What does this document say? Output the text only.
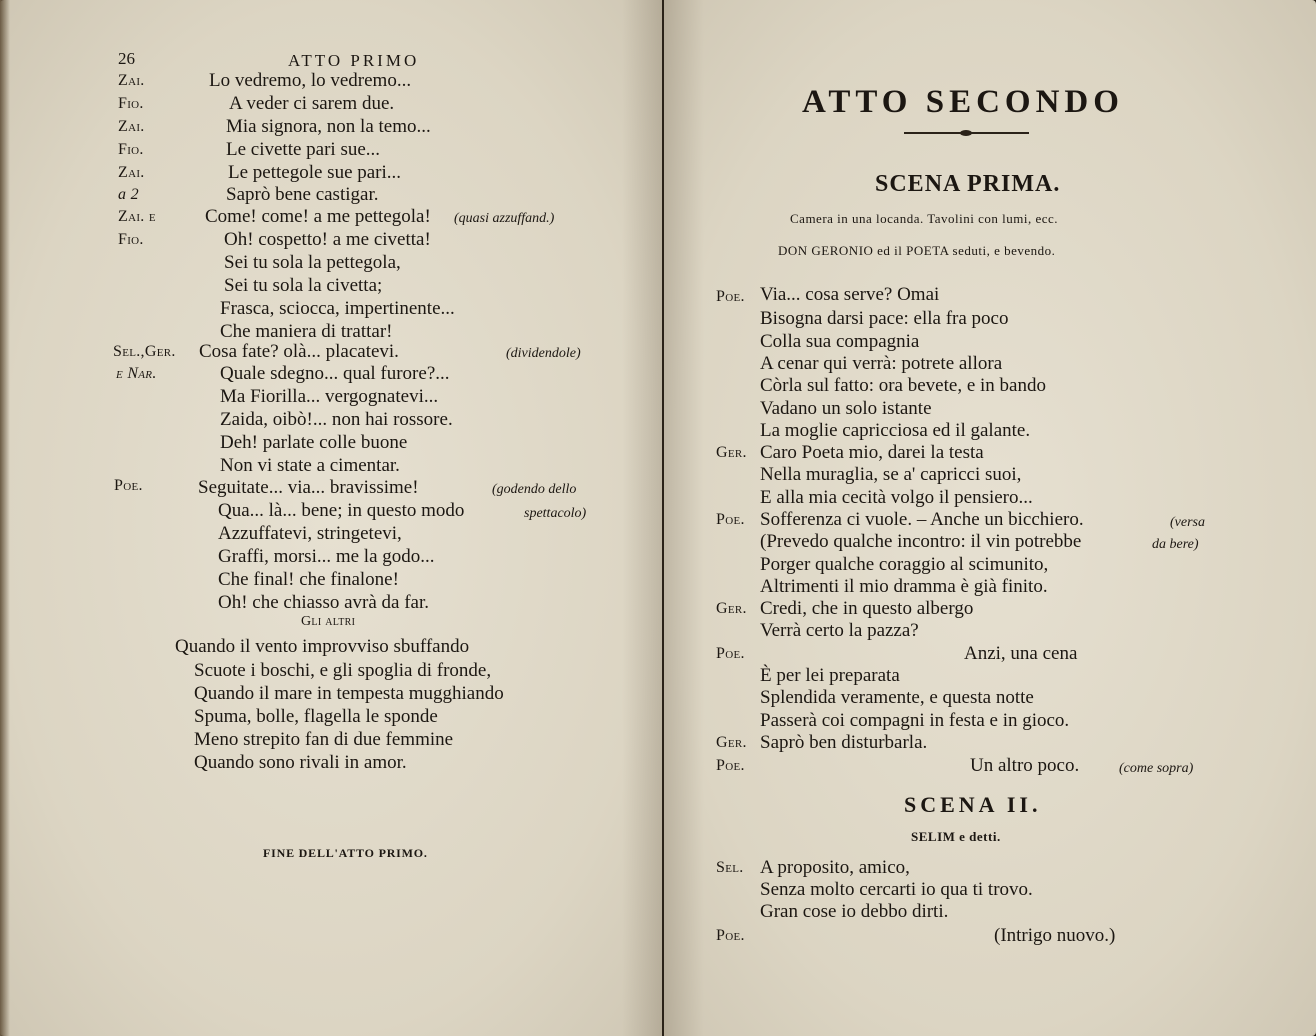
26	ATTO PRIMO
Zai.	Lo vedremo, lo vedremo...
Fio.	A veder ci sarem due.
Zai.	Mia signora, non la temo...
Fio.	Le civette pari sue...
Zai.	Le pettegole sue pari...
a 2	Saprò bene castigar.
Zai. e	Come! come! a me pettegola! (quasi azzuffand.)
Fio.	Oh! cospetto! a me civetta!
Sei tu sola la pettegola,
Sei tu sola la civetta;
Frasca, sciocca, impertinente...
Che maniera di trattar!
Sel.,Ger. Cosa fate? olà... placatevi.	(dividendole)
e Nar.	Quale sdegno... qual furore?...
Ma Fiorilla... vergognatevi...
Zaida, oibò!... non hai rossore.
Deh! parlate colle buone
Non vi state a cimentar.
Poe.	Seguitate... via... bravissime!	(godendo dello
Qua... là... bene; in questo modo	spettacolo)
Azzuffatevi, stringetevi,
Graffi, morsi... me la godo...
Che final! che finalone!
Oh! che chiasso avrà da far.
Gli altri
Quando il vento improvviso sbuffando
Scuote i boschi, e gli spoglia di fronde,
Quando il mare in tempesta mugghiando
Spuma, bolle, flagella le sponde
Meno strepito fan di due femmine
Quando sono rivali in amor.
FINE DELL'ATTO PRIMO.
ATTO SECONDO
SCENA PRIMA.
Camera in una locanda. Tavolini con lumi, ecc.
DON GERONIO ed il POETA seduti, e bevendo.
Poe. Via... cosa serve? Omai
Bisogna darsi pace: ella fra poco
Colla sua compagnia
A cenar qui verrà: potrete allora
Còrla sul fatto: ora bevete, e in bando
Vadano un solo istante
La moglie capricciosa ed il galante.
Ger. Caro Poeta mio, darei la testa
Nella muraglia, se a' capricci suoi,
E alla mia cecità volgo il pensiero...
Poe. Sofferenza ci vuole. – Anche un bicchiero.	(versa
(Prevedo qualche incontro: il vin potrebbe	da bere)
Porger qualche coraggio al scimunito,
Altrimenti il mio dramma è già finito.
Ger. Credi, che in questo albergo
Verrà certo la pazza?
Poe.	Anzi, una cena
È per lei preparata
Splendida veramente, e questa notte
Passerà coi compagni in festa e in gioco.
Ger. Saprò ben disturbarla.
Poe.	Un altro poco.	(come sopra)
SCENA II.
SELIM e detti.
Sel. A proposito, amico,
Senza molto cercarti io qua ti trovo.
Gran cose io debbo dirti.
Poe.	(Intrigo nuovo.)
